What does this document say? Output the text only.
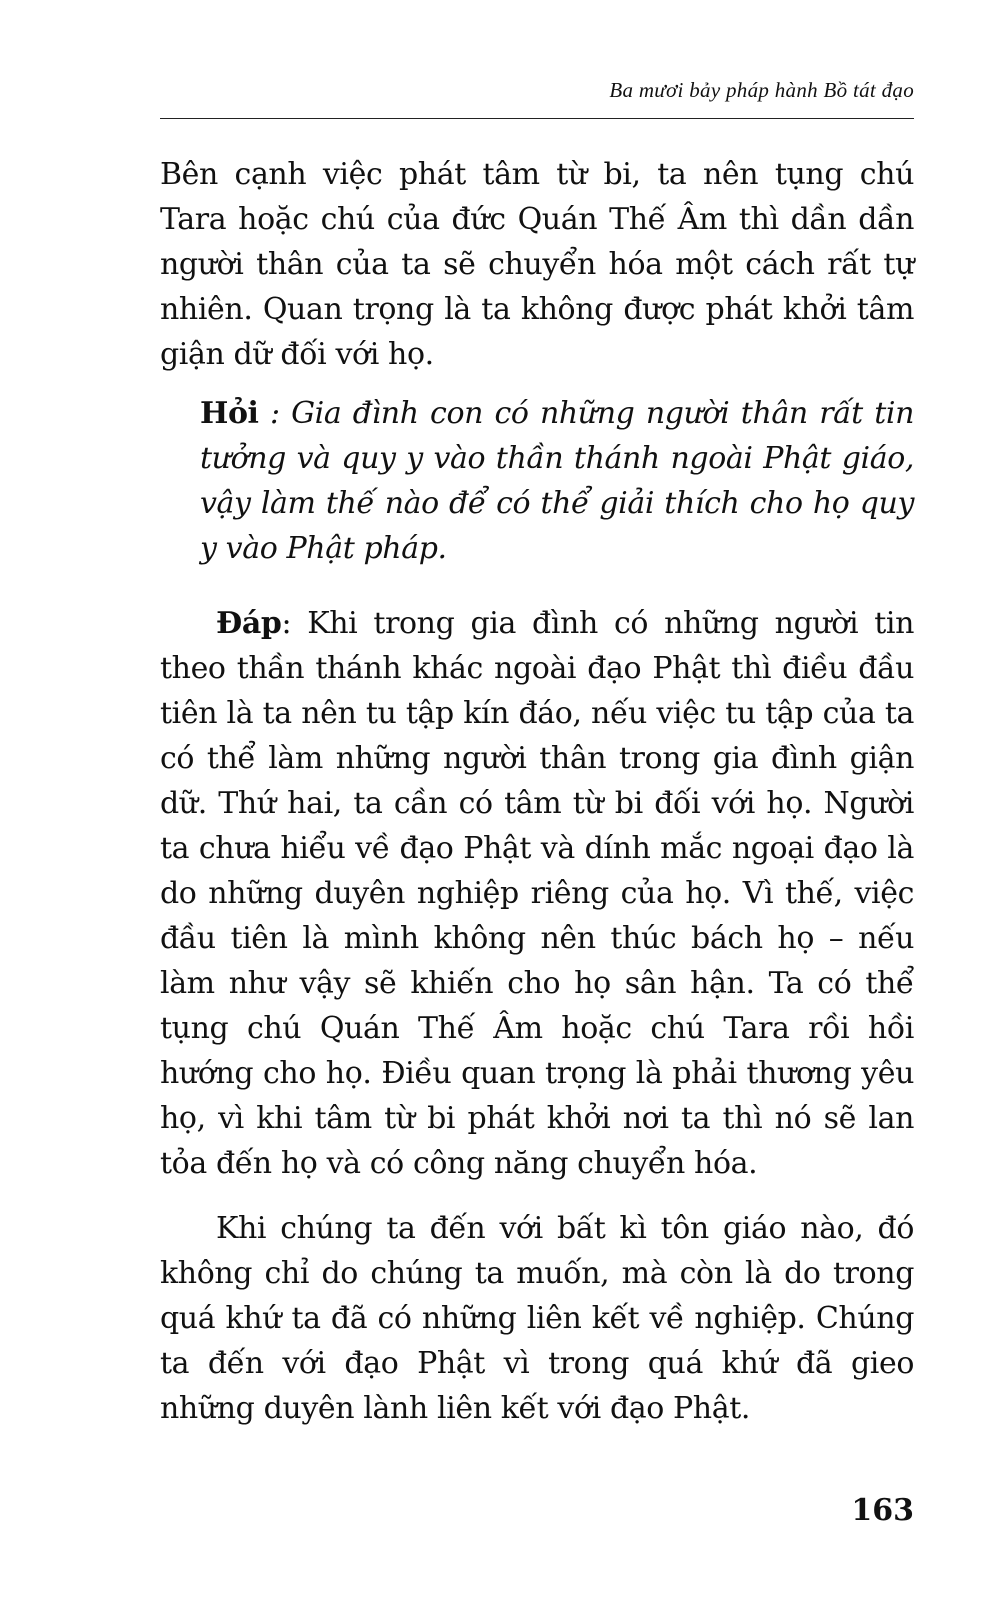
Ba mươi bảy pháp hành Bồ tát đạo

Bên cạnh việc phát tâm từ bi, ta nên tụng chú Tara hoặc chú của đức Quán Thế Âm thì dần dần người thân của ta sẽ chuyển hóa một cách rất tự nhiên. Quan trọng là ta không được phát khởi tâm giận dữ đối với họ.

Hỏi : Gia đình con có những người thân rất tin tưởng và quy y vào thần thánh ngoài Phật giáo, vậy làm thế nào để có thể giải thích cho họ quy y vào Phật pháp.

Đáp: Khi trong gia đình có những người tin theo thần thánh khác ngoài đạo Phật thì điều đầu tiên là ta nên tu tập kín đáo, nếu việc tu tập của ta có thể làm những người thân trong gia đình giận dữ. Thứ hai, ta cần có tâm từ bi đối với họ. Người ta chưa hiểu về đạo Phật và dính mắc ngoại đạo là do những duyên nghiệp riêng của họ. Vì thế, việc đầu tiên là mình không nên thúc bách họ – nếu làm như vậy sẽ khiến cho họ sân hận. Ta có thể tụng chú Quán Thế Âm hoặc chú Tara rồi hồi hướng cho họ. Điều quan trọng là phải thương yêu họ, vì khi tâm từ bi phát khởi nơi ta thì nó sẽ lan tỏa đến họ và có công năng chuyển hóa.

Khi chúng ta đến với bất kì tôn giáo nào, đó không chỉ do chúng ta muốn, mà còn là do trong quá khứ ta đã có những liên kết về nghiệp. Chúng ta đến với đạo Phật vì trong quá khứ đã gieo những duyên lành liên kết với đạo Phật.

163
